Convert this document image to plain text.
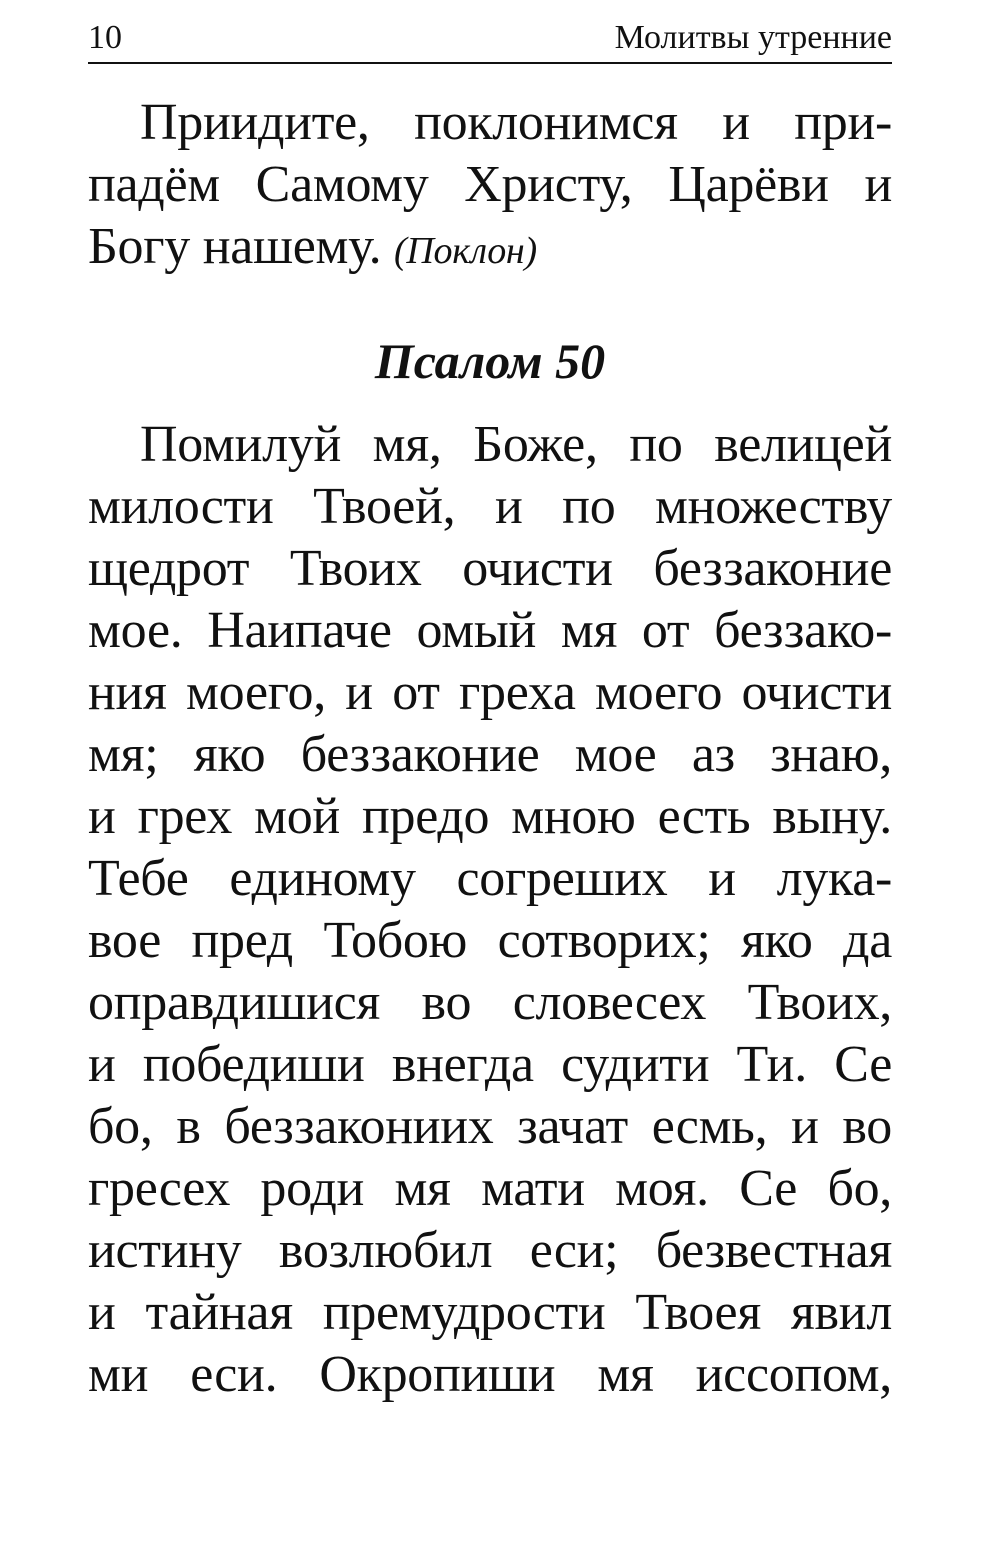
10	Молитвы утренние
Приидите, поклонимся и при-
падём Самому Христу, Царёви и
Богу нашему. (Поклон)
Псалом 50
Помилуй мя, Боже, по велицей
милости Твоей, и по множеству
щедрот Твоих очисти беззаконие
мое. Наипаче омый мя от беззако-
ния моего, и от греха моего очисти
мя; яко беззаконие мое аз знаю,
и грех мой предо мною есть выну.
Тебе единому согреших и лука-
вое пред Тобою сотворих; яко да
оправдишися во словесех Твоих,
и победиши внегда судити Ти. Се
бо, в беззакониих зачат есмь, и во
гресех роди мя мати моя. Се бо,
истину возлюбил еси; безвестная
и тайная премудрости Твоея явил
ми еси. Окропиши мя иссопом,
